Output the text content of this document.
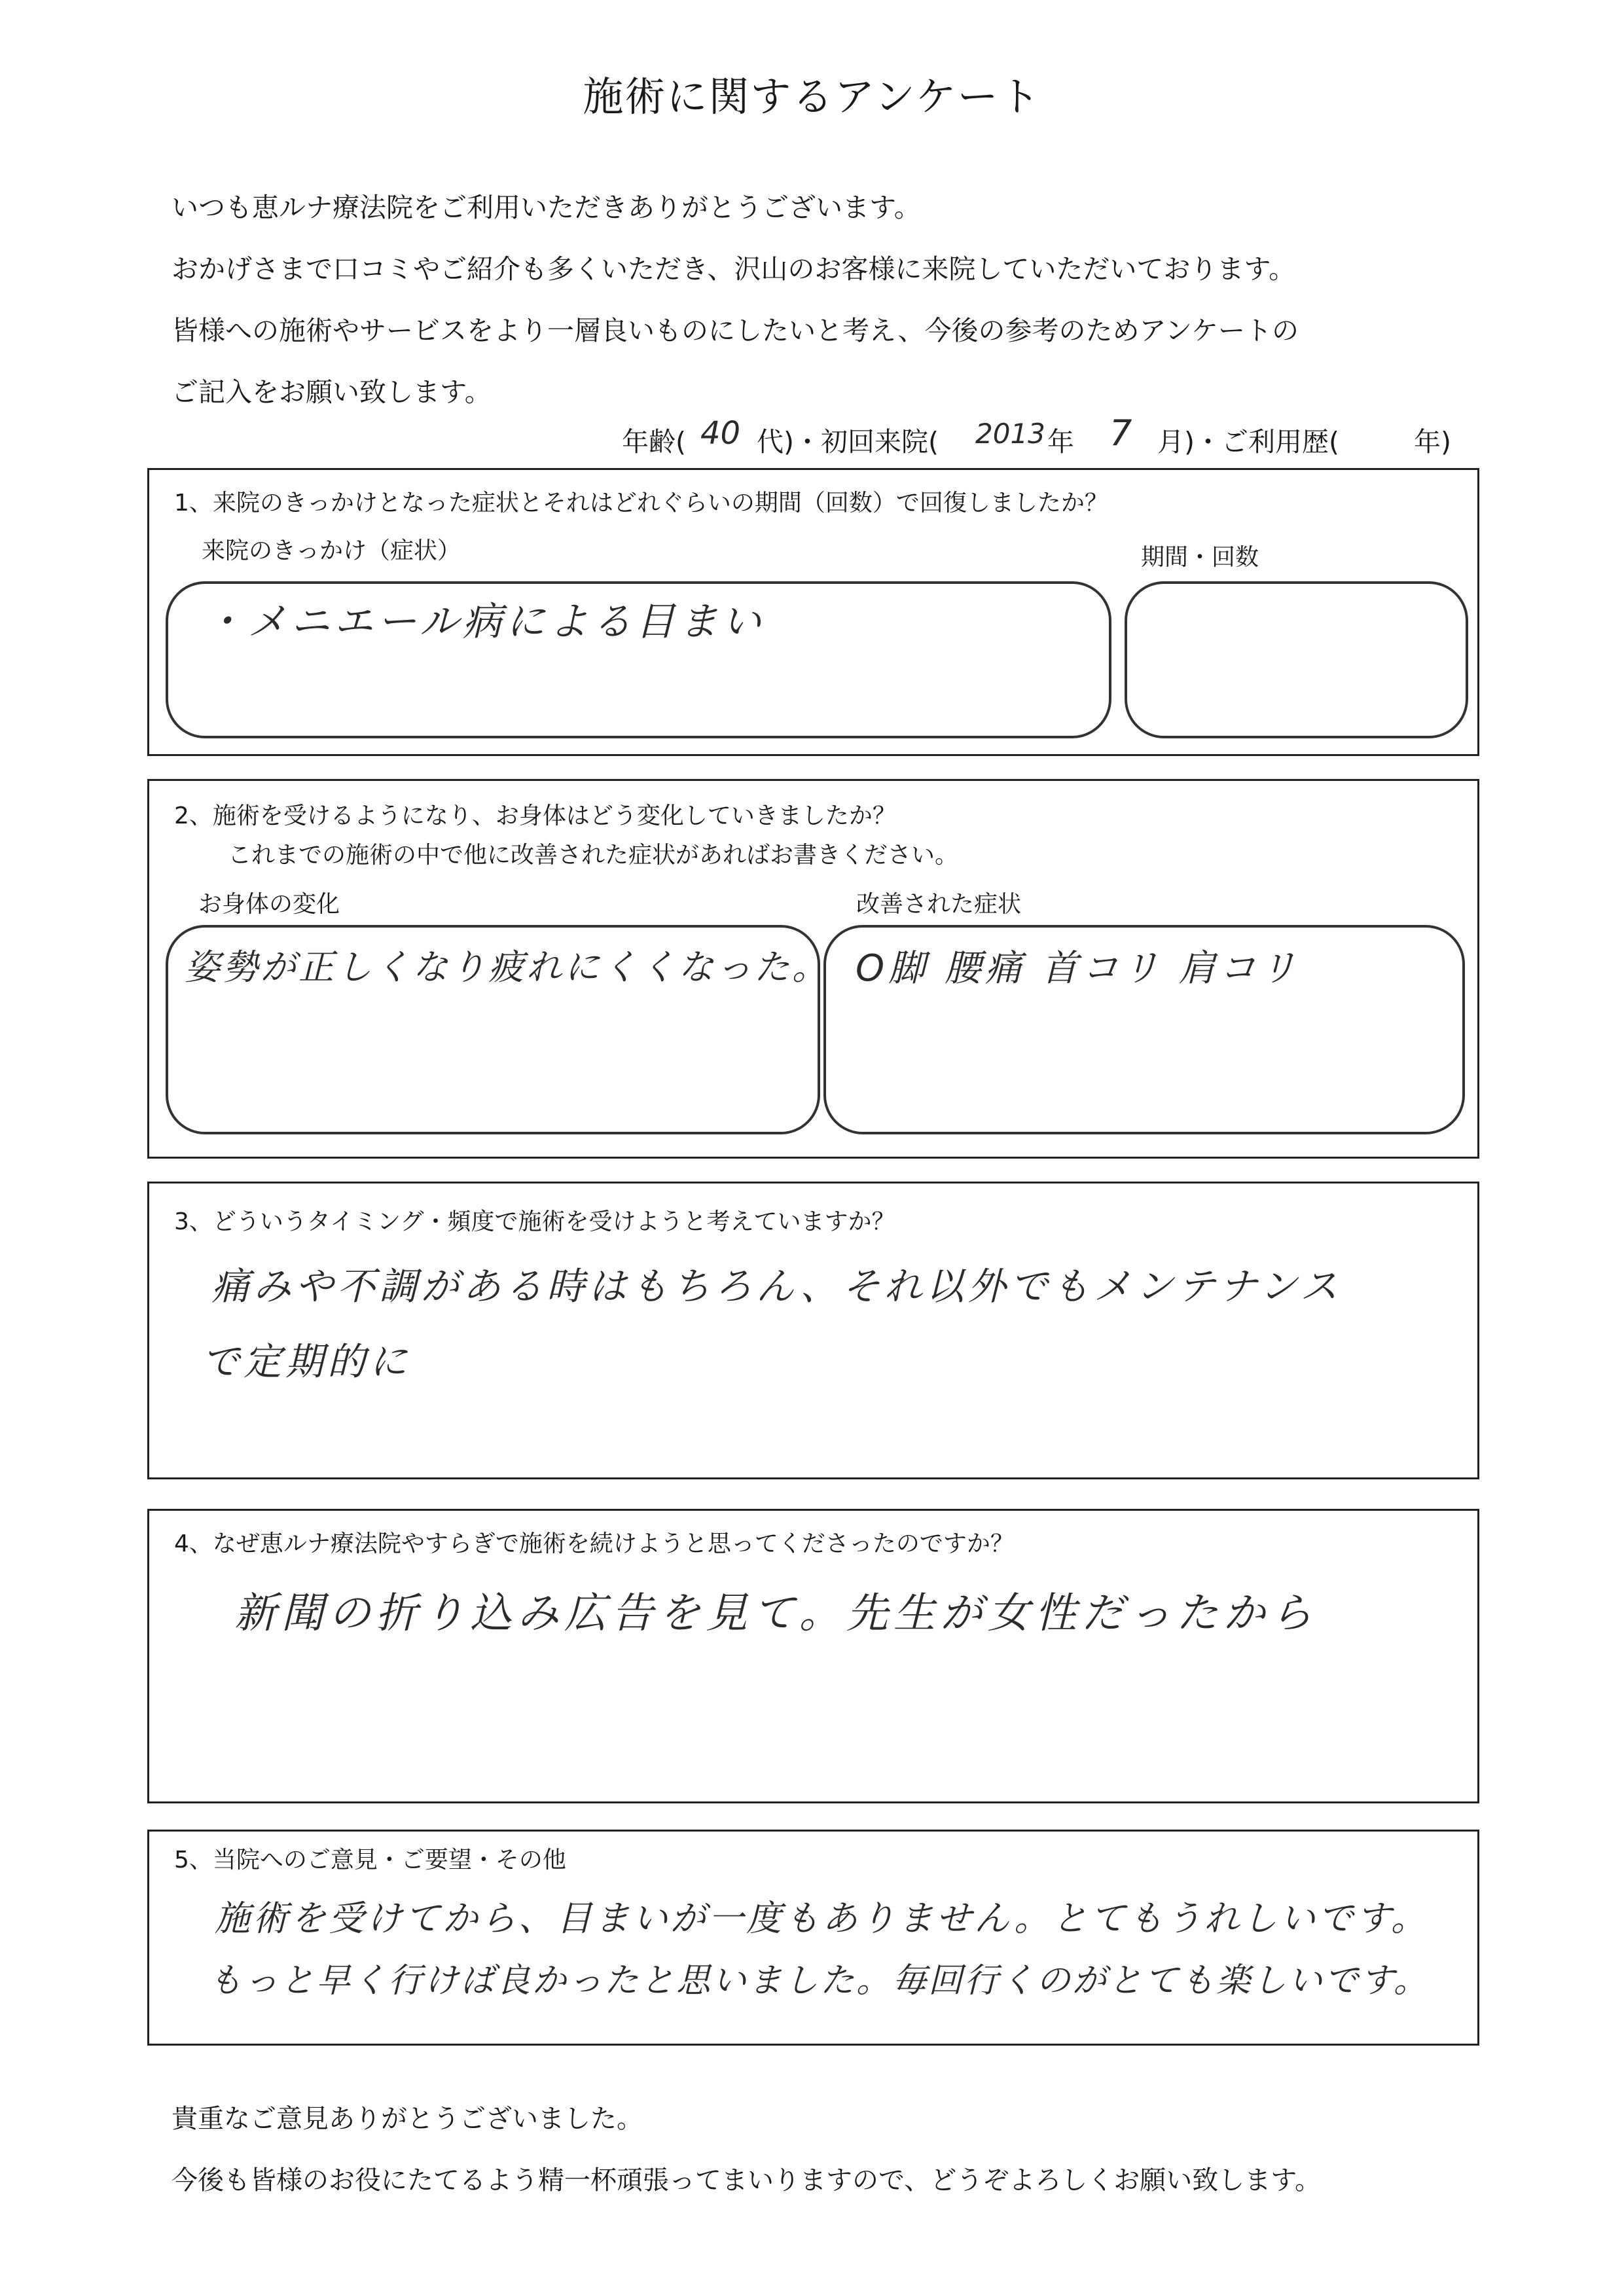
施術に関するアンケート
いつも恵ルナ療法院をご利用いただきありがとうございます。
おかげさまで口コミやご紹介も多くいただき、沢山のお客様に来院していただいております。
皆様への施術やサービスをより一層良いものにしたいと考え、今後の参考のためアンケートの
ご記入をお願い致します。
年齢( 40 代)・初回来院( 2013 年 7 月)・ご利用歴(	年)
1、来院のきっかけとなった症状とそれはどれぐらいの期間（回数）で回復しましたか？
来院のきっかけ（症状）	期間・回数
・メニエール病による目まい
2、施術を受けるようになり、お身体はどう変化していきましたか？
これまでの施術の中で他に改善された症状があればお書きください。
お身体の変化	改善された症状
姿勢が正しくなり疲れにくくなった。 O脚 腰痛 首コリ 肩コリ
3、どういうタイミング・頻度で施術を受けようと考えていますか？
痛みや不調がある時はもちろん、それ以外でもメンテナンス
で定期的に
4、なぜ恵ルナ療法院やすらぎで施術を続けようと思ってくださったのですか？
新聞の折り込み広告を見て。先生が女性だったから
5、当院へのご意見・ご要望・その他
施術を受けてから、目まいが一度もありません。とてもうれしいです。
もっと早く行けば良かったと思いました。毎回行くのがとても楽しいです。
貴重なご意見ありがとうございました。
今後も皆様のお役にたてるよう精一杯頑張ってまいりますので、どうぞよろしくお願い致します。
